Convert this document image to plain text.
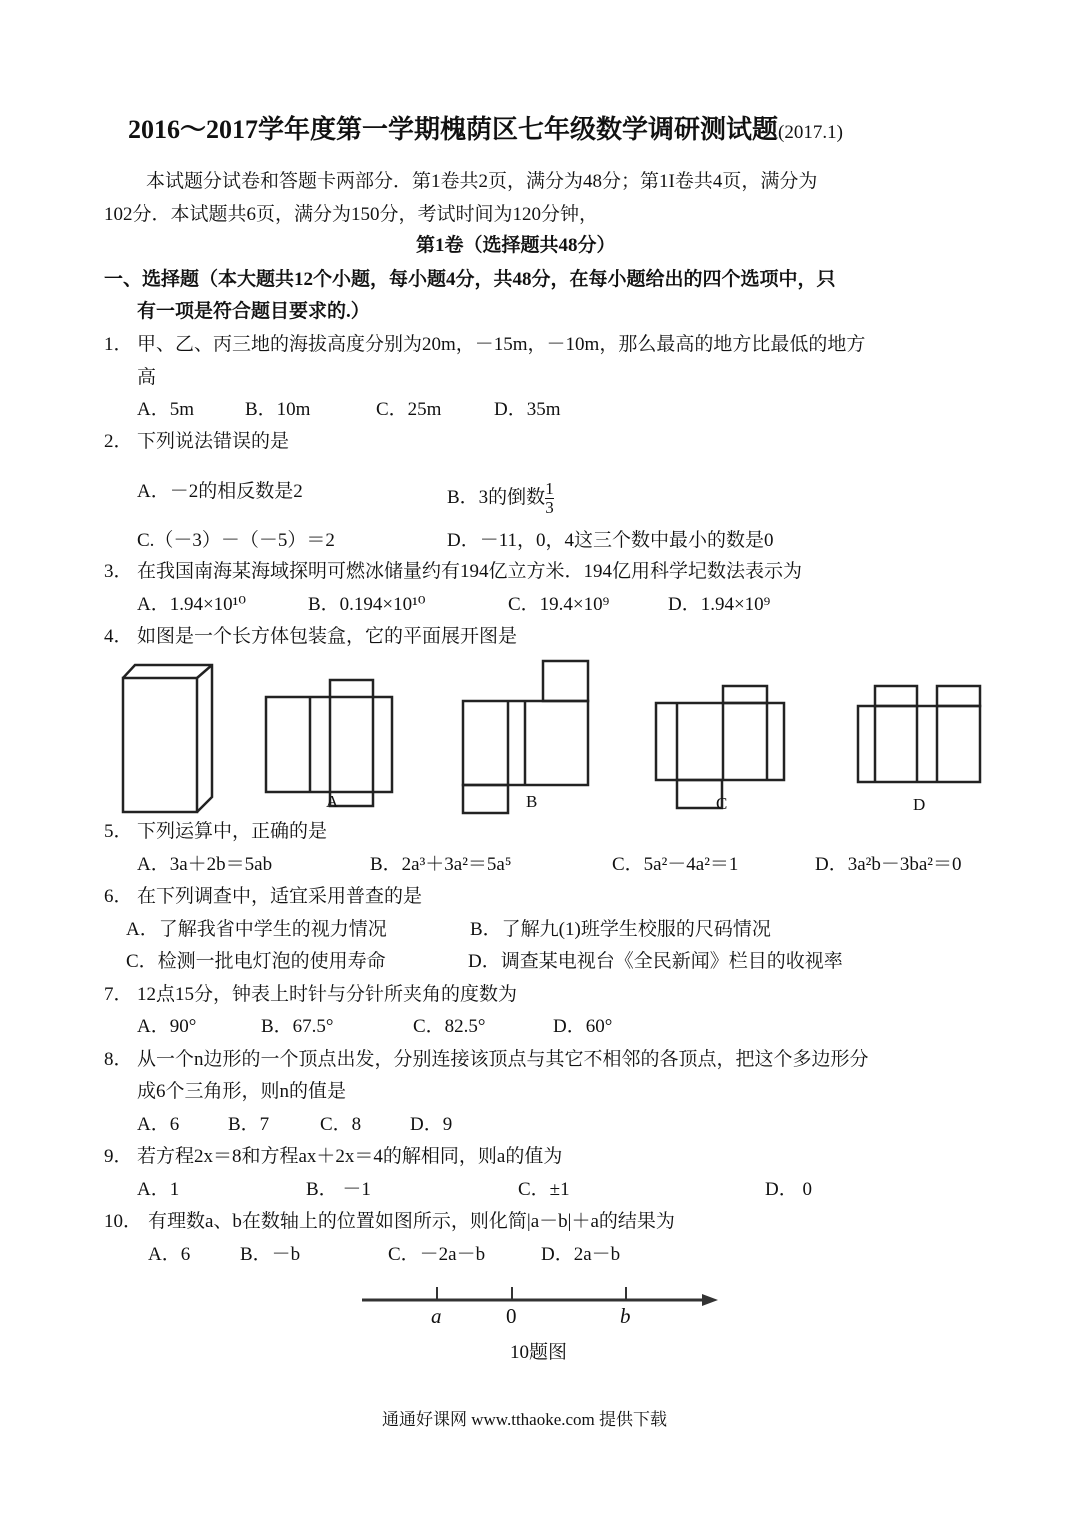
2016～2017学年度第一学期槐荫区七年级数学调研测试题(2017.1)
本试题分试卷和答题卡两部分．第1卷共2页，满分为48分；第1I卷共4页，满分为
102分．本试题共6页，满分为150分，考试时间为120分钟，
第1卷（选择题共48分）
一、选择题（本大题共12个小题，每小题4分，共48分，在每小题给出的四个选项中，只
有一项是符合题目要求的.）
1． 甲、乙、丙三地的海拔高度分别为20m，－15m，－10m，那么最高的地方比最低的地方
高
A．5m	B．10m	C．25m	D．35m
2． 下列说法错误的是
A．－2的相反数是2	B．3的倒数 $\frac{1}{3}$
C.（－3）－（－5）＝2	D．－11，0，4这三个数中最小的数是0
3． 在我国南海某海域探明可燃冰储量约有194亿立方米．194亿用科学圮数法表示为
A．1.94×10¹⁰	B．0.194×10¹⁰	C．19.4×10⁹	D．1.94×10⁹
4． 如图是一个长方体包装盒，它的平面展开图是
A	B	C	D
5． 下列运算中，正确的是
A．3a＋2b＝5ab	B．2a³＋3a²＝5a⁵	C．5a²－4a²＝1	D．3a²b－3ba²＝0
6． 在下列调查中，适宜采用普查的是
A．了解我省中学生的视力情况	B．了解九(1)班学生校服的尺码情况
C．检测一批电灯泡的使用寿命	D．调查某电视台《全民新闻》栏目的收视率
7． 12点15分，钟表上时针与分针所夹角的度数为
A．90°	B．67.5°	C．82.5°	D．60°
8． 从一个n边形的一个顶点出发，分别连接该顶点与其它不相邻的各顶点，把这个多边形分
成6个三角形，则n的值是
A．6	B．7	C．8	D．9
9． 若方程2x＝8和方程ax＋2x＝4的解相同，则a的值为
A．1	B． －1	C．±1	D． 0
10． 有理数a、b在数轴上的位置如图所示，则化简|a－b|＋a的结果为
A．6	B．－b	C．－2a－b	D．2a－b
a	0	b
10题图
通通好课网 www.tthaoke.com 提供下载
